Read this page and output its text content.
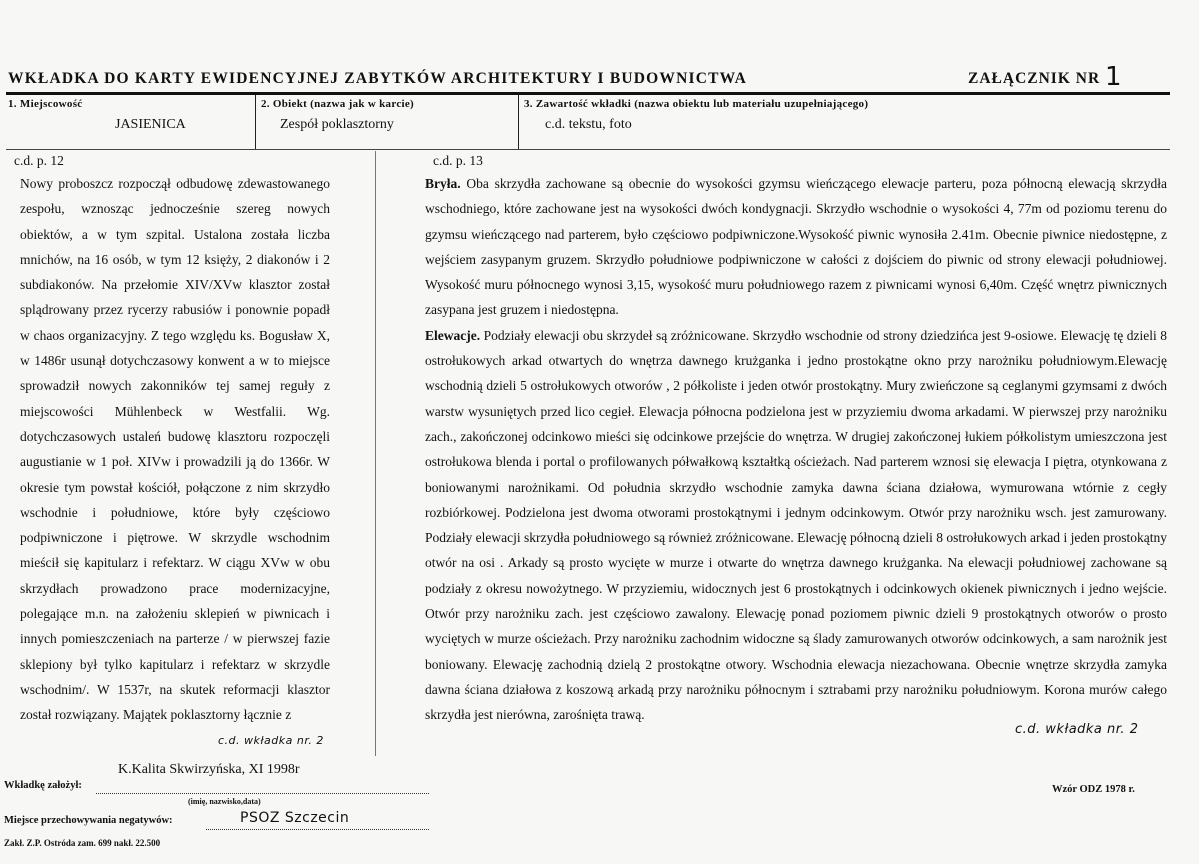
WKŁADKA DO KARTY EWIDENCYJNEJ ZABYTKÓW ARCHITEKTURY I BUDOWNICTWA	ZAŁĄCZNIK NR 1
1. Miejscowość
JASIENICA
2. Obiekt (nazwa jak w karcie)
Zespół poklasztorny
3. Zawartość wkładki (nazwa obiektu lub materiału uzupełniającego)
c.d. tekstu, foto
c.d. p. 12	c.d. p. 13

Nowy proboszcz rozpoczął odbudowę zdewastowanego zespołu, wznosząc jednocześnie szereg nowych obiektów, a w tym szpital. Ustalona została liczba mnichów, na 16 osób, w tym 12 księży, 2 diakonów i 2 subdiakonów. Na przełomie XIV/XVw klasztor został splądrowany przez rycerzy rabusiów i ponownie popadł w chaos organizacyjny. Z tego względu ks. Bogusław X, w 1486r usunął dotychczasowy konwent a w to miejsce sprowadził nowych zakonników tej samej reguły z miejscowości Mühlenbeck w Westfalii. Wg. dotychczasowych ustaleń budowę klasztoru rozpoczęli augustianie w 1 poł. XIVw i prowadzili ją do 1366r. W okresie tym powstał kościół, połączone z nim skrzydło wschodnie i południowe, które były częściowo podpiwniczone i piętrowe. W skrzydle wschodnim mieścił się kapitularz i refektarz. W ciągu XVw w obu skrzydłach prowadzono prace modernizacyjne, polegające m.n. na założeniu sklepień w piwnicach i innych pomieszczeniach na parterze / w pierwszej fazie sklepiony był tylko kapitularz i refektarz w skrzydle wschodnim/. W 1537r, na skutek reformacji klasztor został rozwiązany. Majątek poklasztorny łącznie z

c.d. wkładka nr. 2
K.Kalita Skwirzyńska, XI 1998r

Bryła. Oba skrzydła zachowane są obecnie do wysokości gzymsu wieńczącego elewacje parteru, poza północną elewacją skrzydła wschodniego, które zachowane jest na wysokości dwóch kondygnacji. Skrzydło wschodnie o wysokości 4, 77m od poziomu terenu do gzymsu wieńczącego nad parterem, było częściowo podpiwniczone.Wysokość piwnic wynosiła 2.41m. Obecnie piwnice niedostępne, z wejściem zasypanym gruzem. Skrzydło południowe podpiwniczone w całości z dojściem do piwnic od strony elewacji południowej. Wysokość muru północnego wynosi 3,15, wysokość muru południowego razem z piwnicami wynosi 6,40m. Część wnętrz piwnicznych zasypana jest gruzem i niedostępna.

Elewacje. Podziały elewacji obu skrzydeł są zróżnicowane. Skrzydło wschodnie od strony dziedzińca jest 9-osiowe. Elewację tę dzieli 8 ostrołukowych arkad otwartych do wnętrza dawnego krużganka i jedno prostokątne okno przy narożniku południowym.Elewację wschodnią dzieli 5 ostrołukowych otworów , 2 półkoliste i jeden otwór prostokątny. Mury zwieńczone są ceglanymi gzymsami z dwóch warstw wysuniętych przed lico cegieł. Elewacja północna podzielona jest w przyziemiu dwoma arkadami. W pierwszej przy narożniku zach., zakończonej odcinkowo mieści się odcinkowe przejście do wnętrza. W drugiej zakończonej łukiem półkolistym umieszczona jest ostrołukowa blenda i portal o profilowanych półwałkową kształtką ościeżach. Nad parterem wznosi się elewacja I piętra, otynkowana z boniowanymi narożnikami. Od południa skrzydło wschodnie zamyka dawna ściana działowa, wymurowana wtórnie z cegły rozbiórkowej. Podzielona jest dwoma otworami prostokątnymi i jednym odcinkowym. Otwór przy narożniku wsch. jest zamurowany. Podziały elewacji skrzydła południowego są również zróżnicowane. Elewację północną dzieli 8 ostrołukowych arkad i jeden prostokątny otwór na osi . Arkady są prosto wycięte w murze i otwarte do wnętrza dawnego krużganka. Na elewacji południowej zachowane są podziały z okresu nowożytnego. W przyziemiu, widocznych jest 6 prostokątnych i odcinkowych okienek piwnicznych i jedno wejście. Otwór przy narożniku zach. jest częściowo zawalony. Elewację ponad poziomem piwnic dzieli 9 prostokątnych otworów o prosto wyciętych w murze ościeżach. Przy narożniku zachodnim widoczne są ślady zamurowanych otworów odcinkowych, a sam narożnik jest boniowany. Elewację zachodnią dzielą 2 prostokątne otwory. Wschodnia elewacja niezachowana. Obecnie wnętrze skrzydła zamyka dawna ściana działowa z koszową arkadą przy narożniku północnym i sztrabami przy narożniku południowym. Korona murów całego skrzydła jest nierówna, zarośnięta trawą.

c.d. wkładka nr. 2
Wkładkę założył:
(imię, nazwisko,data)
Miejsce przechowywania negatywów:	PSOZ Szczecin
Zakł. Z.P. Ostróda zam. 699 nakł. 22.500
Wzór ODZ 1978 r.
